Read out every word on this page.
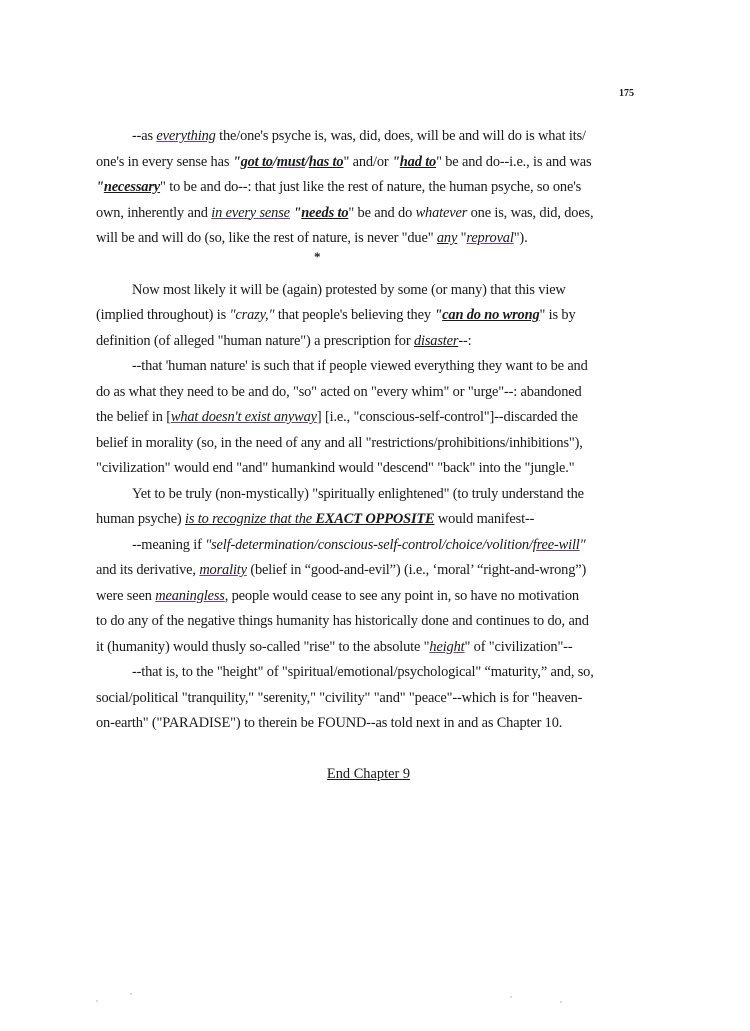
175
--as everything the/one's psyche is, was, did, does, will be and will do is what its/
one's in every sense has "got to/must/has to" and/or "had to" be and do--i.e., is and was
"necessary" to be and do--: that just like the rest of nature, the human psyche, so one's
own, inherently and in every sense "needs to" be and do whatever one is, was, did, does,
will be and will do (so, like the rest of nature, is never "due" any "reproval").
*
Now most likely it will be (again) protested by some (or many) that this view
(implied throughout) is "crazy," that people's believing they "can do no wrong" is by
definition (of alleged "human nature") a prescription for disaster--:
--that 'human nature' is such that if people viewed everything they want to be and
do as what they need to be and do, "so" acted on "every whim" or "urge"--: abandoned
the belief in [what doesn't exist anyway] [i.e., "conscious-self-control"]--discarded the
belief in morality (so, in the need of any and all "restrictions/prohibitions/inhibitions"),
"civilization" would end "and" humankind would "descend" "back" into the "jungle."
Yet to be truly (non-mystically) "spiritually enlightened" (to truly understand the
human psyche) is to recognize that the EXACT OPPOSITE would manifest--
--meaning if "self-determination/conscious-self-control/choice/volition/free-will"
and its derivative, morality (belief in “good-and-evil”) (i.e., ‘moral’ “right-and-wrong”)
were seen meaningless, people would cease to see any point in, so have no motivation
to do any of the negative things humanity has historically done and continues to do, and
it (humanity) would thusly so-called "rise" to the absolute "height" of "civilization"--
--that is, to the "height" of "spiritual/emotional/psychological" “maturity,” and, so,
social/political "tranquility," "serenity," "civility" "and" "peace"--which is for "heaven-
on-earth" ("PARADISE") to therein be FOUND--as told next in and as Chapter 10.
End Chapter 9
